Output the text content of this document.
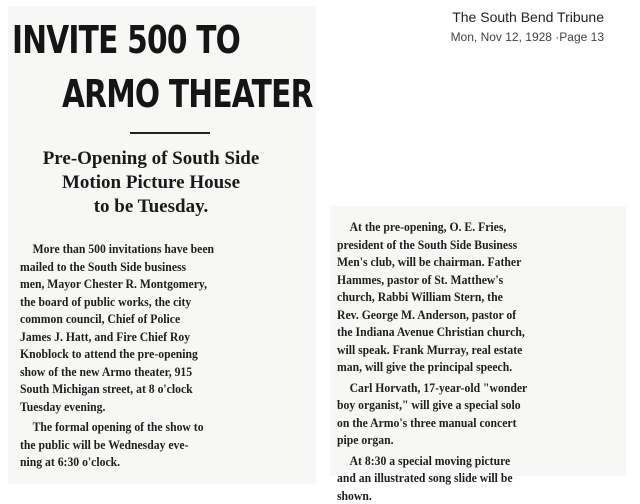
The South Bend Tribune
Mon, Nov 12, 1928 ·Page 13
INVITE 500 TO
ARMO THEATER
Pre-Opening of South Side
Motion Picture House
to be Tuesday.
More than 500 invitations have been
mailed to the South Side business
men, Mayor Chester R. Montgomery,
the board of public works, the city
common council, Chief of Police
James J. Hatt, and Fire Chief Roy
Knoblock to attend the pre-opening
show of the new Armo theater, 915
South Michigan street, at 8 o'clock
Tuesday evening.
The formal opening of the show to
the public will be Wednesday eve-
ning at 6:30 o'clock.
At the pre-opening, O. E. Fries,
president of the South Side Business
Men's club, will be chairman. Father
Hammes, pastor of St. Matthew's
church, Rabbi William Stern, the
Rev. George M. Anderson, pastor of
the Indiana Avenue Christian church,
will speak. Frank Murray, real estate
man, will give the principal speech.
Carl Horvath, 17-year-old "wonder
boy organist," will give a special solo
on the Armo's three manual concert
pipe organ.
At 8:30 a special moving picture
and an illustrated song slide will be
shown.
